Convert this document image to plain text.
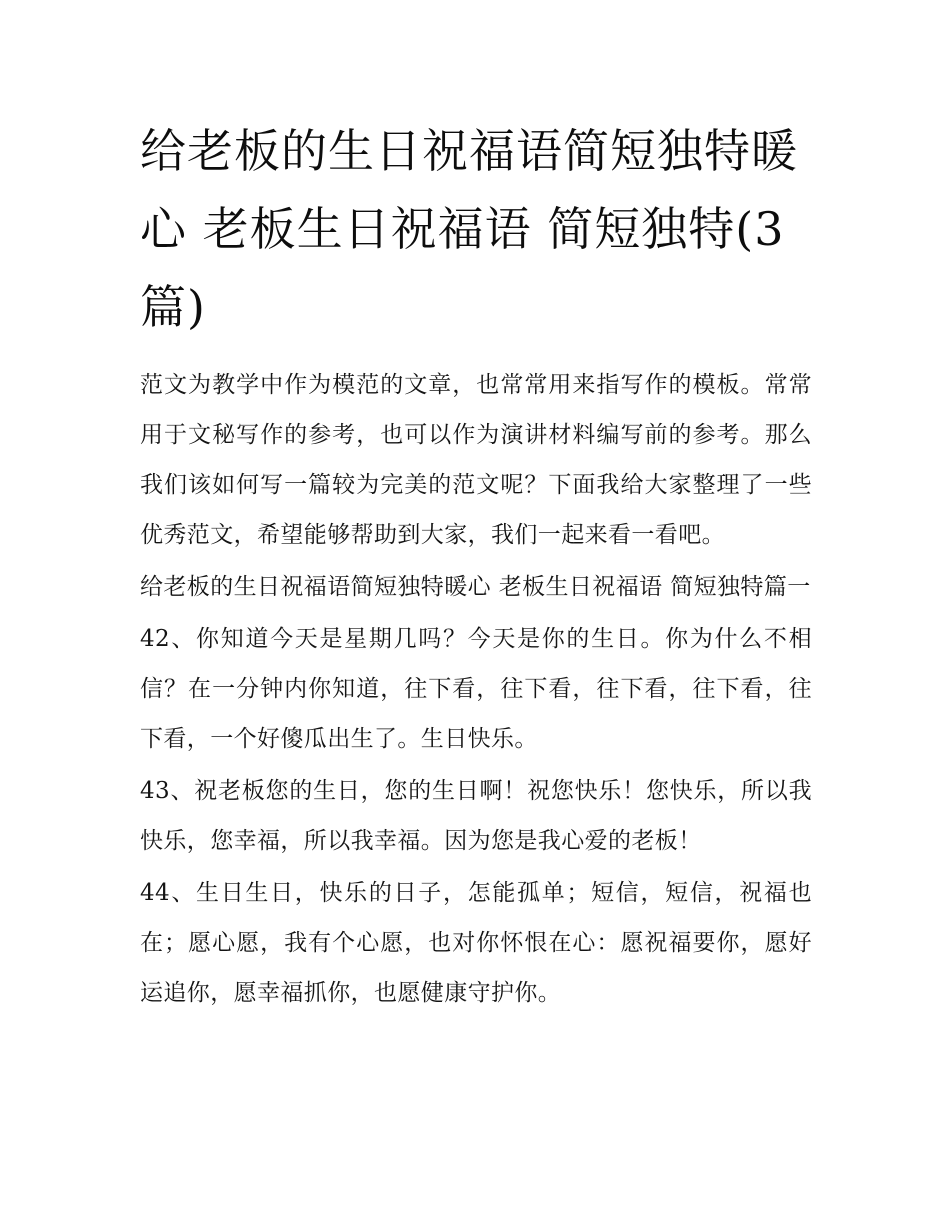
给老板的生日祝福语简短独特暖心 老板生日祝福语 简短独特(3 篇)

范文为教学中作为模范的文章，也常常用来指写作的模板。常常用于文秘写作的参考，也可以作为演讲材料编写前的参考。那么我们该如何写一篇较为完美的范文呢？下面我给大家整理了一些优秀范文，希望能够帮助到大家，我们一起来看一看吧。

给老板的生日祝福语简短独特暖心 老板生日祝福语 简短独特篇一

42、你知道今天是星期几吗？今天是你的生日。你为什么不相信？在一分钟内你知道，往下看，往下看，往下看，往下看，往下看，一个好傻瓜出生了。生日快乐。

43、祝老板您的生日，您的生日啊！祝您快乐！您快乐，所以我快乐，您幸福，所以我幸福。因为您是我心爱的老板！

44、生日生日，快乐的日子，怎能孤单；短信，短信，祝福也在；愿心愿，我有个心愿，也对你怀恨在心：愿祝福要你，愿好运追你，愿幸福抓你，也愿健康守护你。
